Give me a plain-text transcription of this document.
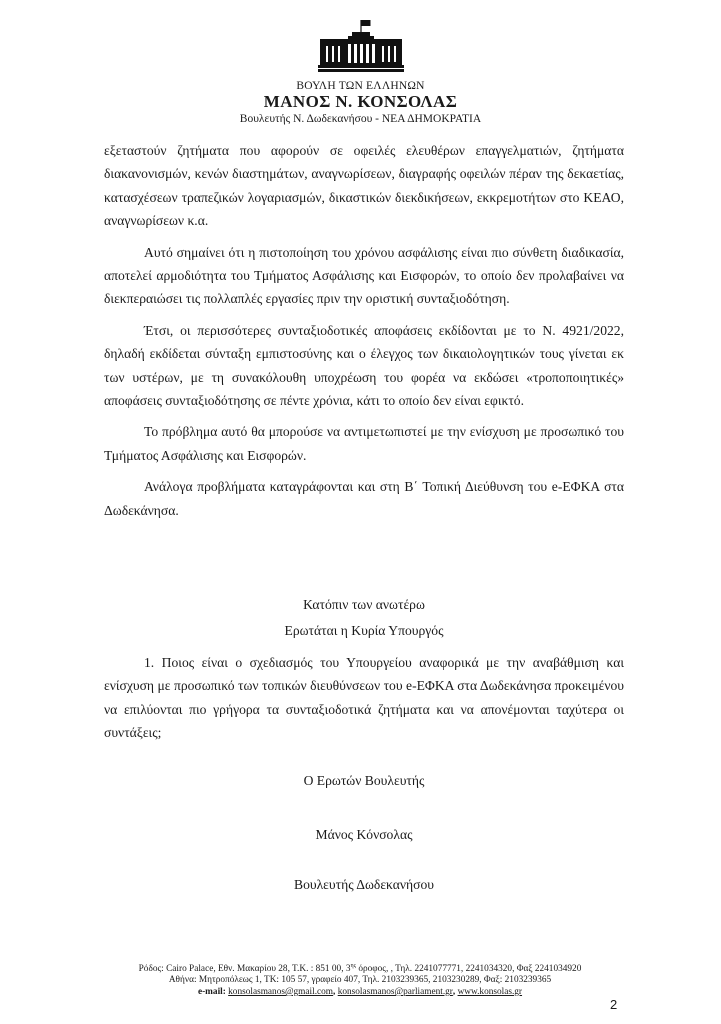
ΒΟΥΛΗ ΤΩΝ ΕΛΛΗΝΩΝ

ΜΑΝΟΣ Ν. ΚΟΝΣΟΛΑΣ

Βουλευτής Ν. Δωδεκανήσου - ΝΕΑ ΔΗΜΟΚΡΑΤΙΑ

εξεταστούν ζητήματα που αφορούν σε οφειλές ελευθέρων επαγγελματιών, ζητήματα διακανονισμών, κενών διαστημάτων, αναγνωρίσεων, διαγραφής οφειλών πέραν της δεκαετίας, κατασχέσεων τραπεζικών λογαριασμών, δικαστικών διεκδικήσεων, εκκρεμοτήτων στο ΚΕΑΟ, αναγνωρίσεων κ.α.

Αυτό σημαίνει ότι η πιστοποίηση του χρόνου ασφάλισης είναι πιο σύνθετη διαδικασία, αποτελεί αρμοδιότητα του Τμήματος Ασφάλισης και Εισφορών, το οποίο δεν προλαβαίνει να διεκπεραιώσει τις πολλαπλές εργασίες πριν την οριστική συνταξιοδότηση.

Έτσι, οι περισσότερες συνταξιοδοτικές αποφάσεις εκδίδονται με το Ν. 4921/2022, δηλαδή εκδίδεται σύνταξη εμπιστοσύνης και ο έλεγχος των δικαιολογητικών τους γίνεται εκ των υστέρων, με τη συνακόλουθη υποχρέωση του φορέα να εκδώσει «τροποποιητικές» αποφάσεις συνταξιοδότησης σε πέντε χρόνια, κάτι το οποίο δεν είναι εφικτό.

Το πρόβλημα αυτό θα μπορούσε να αντιμετωπιστεί με την ενίσχυση με προσωπικό του Τμήματος Ασφάλισης και Εισφορών.

Ανάλογα προβλήματα καταγράφονται και στη Β΄ Τοπική Διεύθυνση του e-ΕΦΚΑ στα Δωδεκάνησα.

Κατόπιν των ανωτέρω

Ερωτάται η Κυρία Υπουργός

1. Ποιος είναι ο σχεδιασμός του Υπουργείου αναφορικά με την αναβάθμιση και ενίσχυση με προσωπικό των τοπικών διευθύνσεων του e-ΕΦΚΑ στα Δωδεκάνησα προκειμένου να επιλύονται πιο γρήγορα τα συνταξιοδοτικά ζητήματα και να απονέμονται ταχύτερα οι συντάξεις;

Ο Ερωτών Βουλευτής

Μάνος Κόνσολας

Βουλευτής Δωδεκανήσου

Ρόδος: Cairo Palace, Εθν. Μακαρίου 28, Τ.Κ. : 851 00, $3^{\eta\varsigma}$ όροφος, , Τηλ. 2241077771, 2241034320, Φαξ 2241034920

Αθήνα: Μητροπόλεως 1, ΤΚ: 105 57, γραφείο 407, Τηλ. 2103239365, 2103230289, Φαξ: 2103239365

e-mail: konsolasmanos@gmail.com, konsolasmanos@parliament.gr, www.konsolas.gr

2
